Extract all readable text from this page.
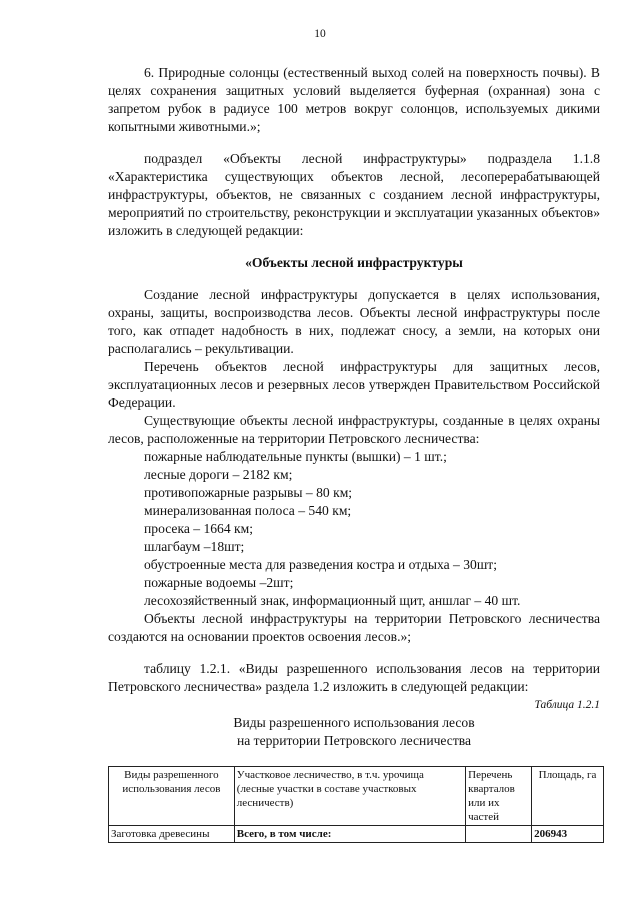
10

6. Природные солонцы (естественный выход солей на поверхность почвы). В целях сохранения защитных условий выделяется буферная (охранная) зона с запретом рубок в радиусе 100 метров вокруг солонцов, используемых дикими копытными животными.»;

подраздел «Объекты лесной инфраструктуры» подраздела 1.1.8 «Характеристика существующих объектов лесной, лесоперерабатывающей инфраструктуры, объектов, не связанных с созданием лесной инфраструктуры, мероприятий по строительству, реконструкции и эксплуатации указанных объектов» изложить в следующей редакции:

«Объекты лесной инфраструктуры

Создание лесной инфраструктуры допускается в целях использования, охраны, защиты, воспроизводства лесов. Объекты лесной инфраструктуры после того, как отпадет надобность в них, подлежат сносу, а земли, на которых они располагались – рекультивации.

Перечень объектов лесной инфраструктуры для защитных лесов, эксплуатационных лесов и резервных лесов утвержден Правительством Российской Федерации.

Существующие объекты лесной инфраструктуры, созданные в целях охраны лесов, расположенные на территории Петровского лесничества:

пожарные наблюдательные пункты (вышки) – 1 шт.;

лесные дороги – 2182 км;

противопожарные разрывы – 80 км;

минерализованная полоса – 540 км;

просека – 1664 км;

шлагбаум –18шт;

обустроенные места для разведения костра и отдыха – 30шт;

пожарные водоемы –2шт;

лесохозяйственный знак, информационный щит, аншлаг – 40 шт.

Объекты лесной инфраструктуры на территории Петровского лесничества создаются на основании проектов освоения лесов.»;

таблицу 1.2.1. «Виды разрешенного использования лесов на территории Петровского лесничества» раздела 1.2 изложить в следующей редакции:

Таблица 1.2.1

Виды разрешенного использования лесов
на территории Петровского лесничества

Виды разрешенного использования лесов	Участковое лесничество, в т.ч. урочища (лесные участки в составе участковых лесничеств)	Перечень кварталов или их частей	Площадь, га
Заготовка древесины	Всего, в том числе:		206943
